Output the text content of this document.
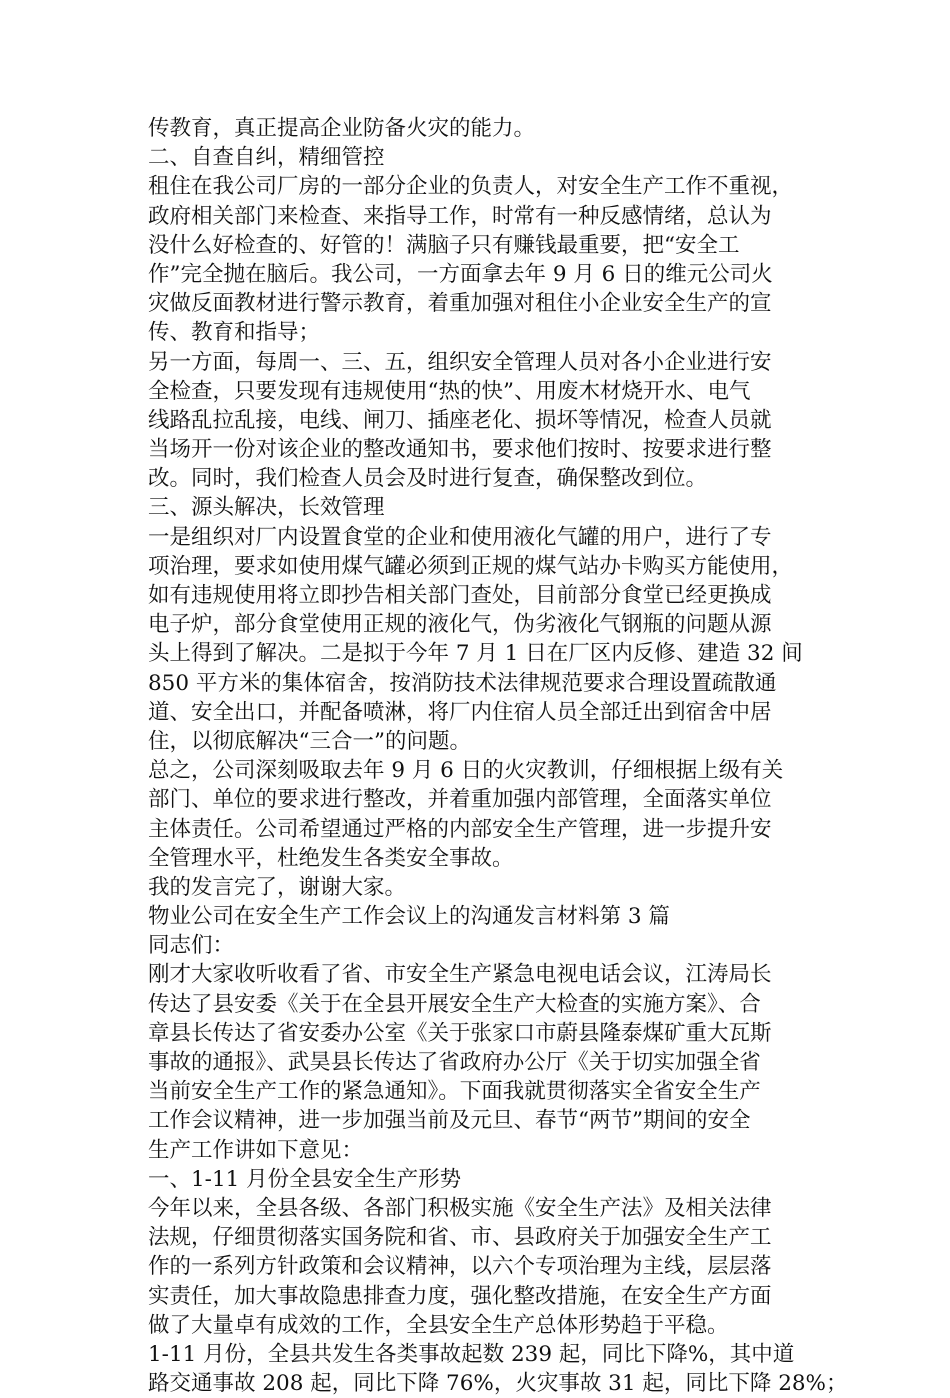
传教育，真正提高企业防备火灾的能力。
二、自查自纠，精细管控
租住在我公司厂房的一部分企业的负责人，对安全生产工作不重视，
政府相关部门来检查、来指导工作，时常有一种反感情绪，总认为
没什么好检查的、好管的！满脑子只有赚钱最重要，把“安全工
作”完全抛在脑后。我公司，一方面拿去年 9 月 6 日的维元公司火
灾做反面教材进行警示教育，着重加强对租住小企业安全生产的宣
传、教育和指导；
另一方面，每周一、三、五，组织安全管理人员对各小企业进行安
全检查，只要发现有违规使用“热的快”、用废木材烧开水、电气
线路乱拉乱接，电线、闸刀、插座老化、损坏等情况，检查人员就
当场开一份对该企业的整改通知书，要求他们按时、按要求进行整
改。同时，我们检查人员会及时进行复查，确保整改到位。
三、源头解决，长效管理
一是组织对厂内设置食堂的企业和使用液化气罐的用户，进行了专
项治理，要求如使用煤气罐必须到正规的煤气站办卡购买方能使用，
如有违规使用将立即抄告相关部门查处，目前部分食堂已经更换成
电子炉，部分食堂使用正规的液化气，伪劣液化气钢瓶的问题从源
头上得到了解决。二是拟于今年 7 月 1 日在厂区内反修、建造 32 间
850 平方米的集体宿舍，按消防技术法律规范要求合理设置疏散通
道、安全出口，并配备喷淋，将厂内住宿人员全部迁出到宿舍中居
住，以彻底解决“三合一”的问题。
总之，公司深刻吸取去年 9 月 6 日的火灾教训，仔细根据上级有关
部门、单位的要求进行整改，并着重加强内部管理，全面落实单位
主体责任。公司希望通过严格的内部安全生产管理，进一步提升安
全管理水平，杜绝发生各类安全事故。
我的发言完了，谢谢大家。
物业公司在安全生产工作会议上的沟通发言材料第 3 篇
同志们：
刚才大家收听收看了省、市安全生产紧急电视电话会议，江涛局长
传达了县安委《关于在全县开展安全生产大检查的实施方案》、合
章县长传达了省安委办公室《关于张家口市蔚县隆泰煤矿重大瓦斯
事故的通报》、武昊县长传达了省政府办公厅《关于切实加强全省
当前安全生产工作的紧急通知》。下面我就贯彻落实全省安全生产
工作会议精神，进一步加强当前及元旦、春节“两节”期间的安全
生产工作讲如下意见：
一、1-11 月份全县安全生产形势
今年以来，全县各级、各部门积极实施《安全生产法》及相关法律
法规，仔细贯彻落实国务院和省、市、县政府关于加强安全生产工
作的一系列方针政策和会议精神，以六个专项治理为主线，层层落
实责任，加大事故隐患排查力度，强化整改措施，在安全生产方面
做了大量卓有成效的工作，全县安全生产总体形势趋于平稳。
1-11 月份，全县共发生各类事故起数 239 起，同比下降%，其中道
路交通事故 208 起，同比下降 76%，火灾事故 31 起，同比下降 28%；
